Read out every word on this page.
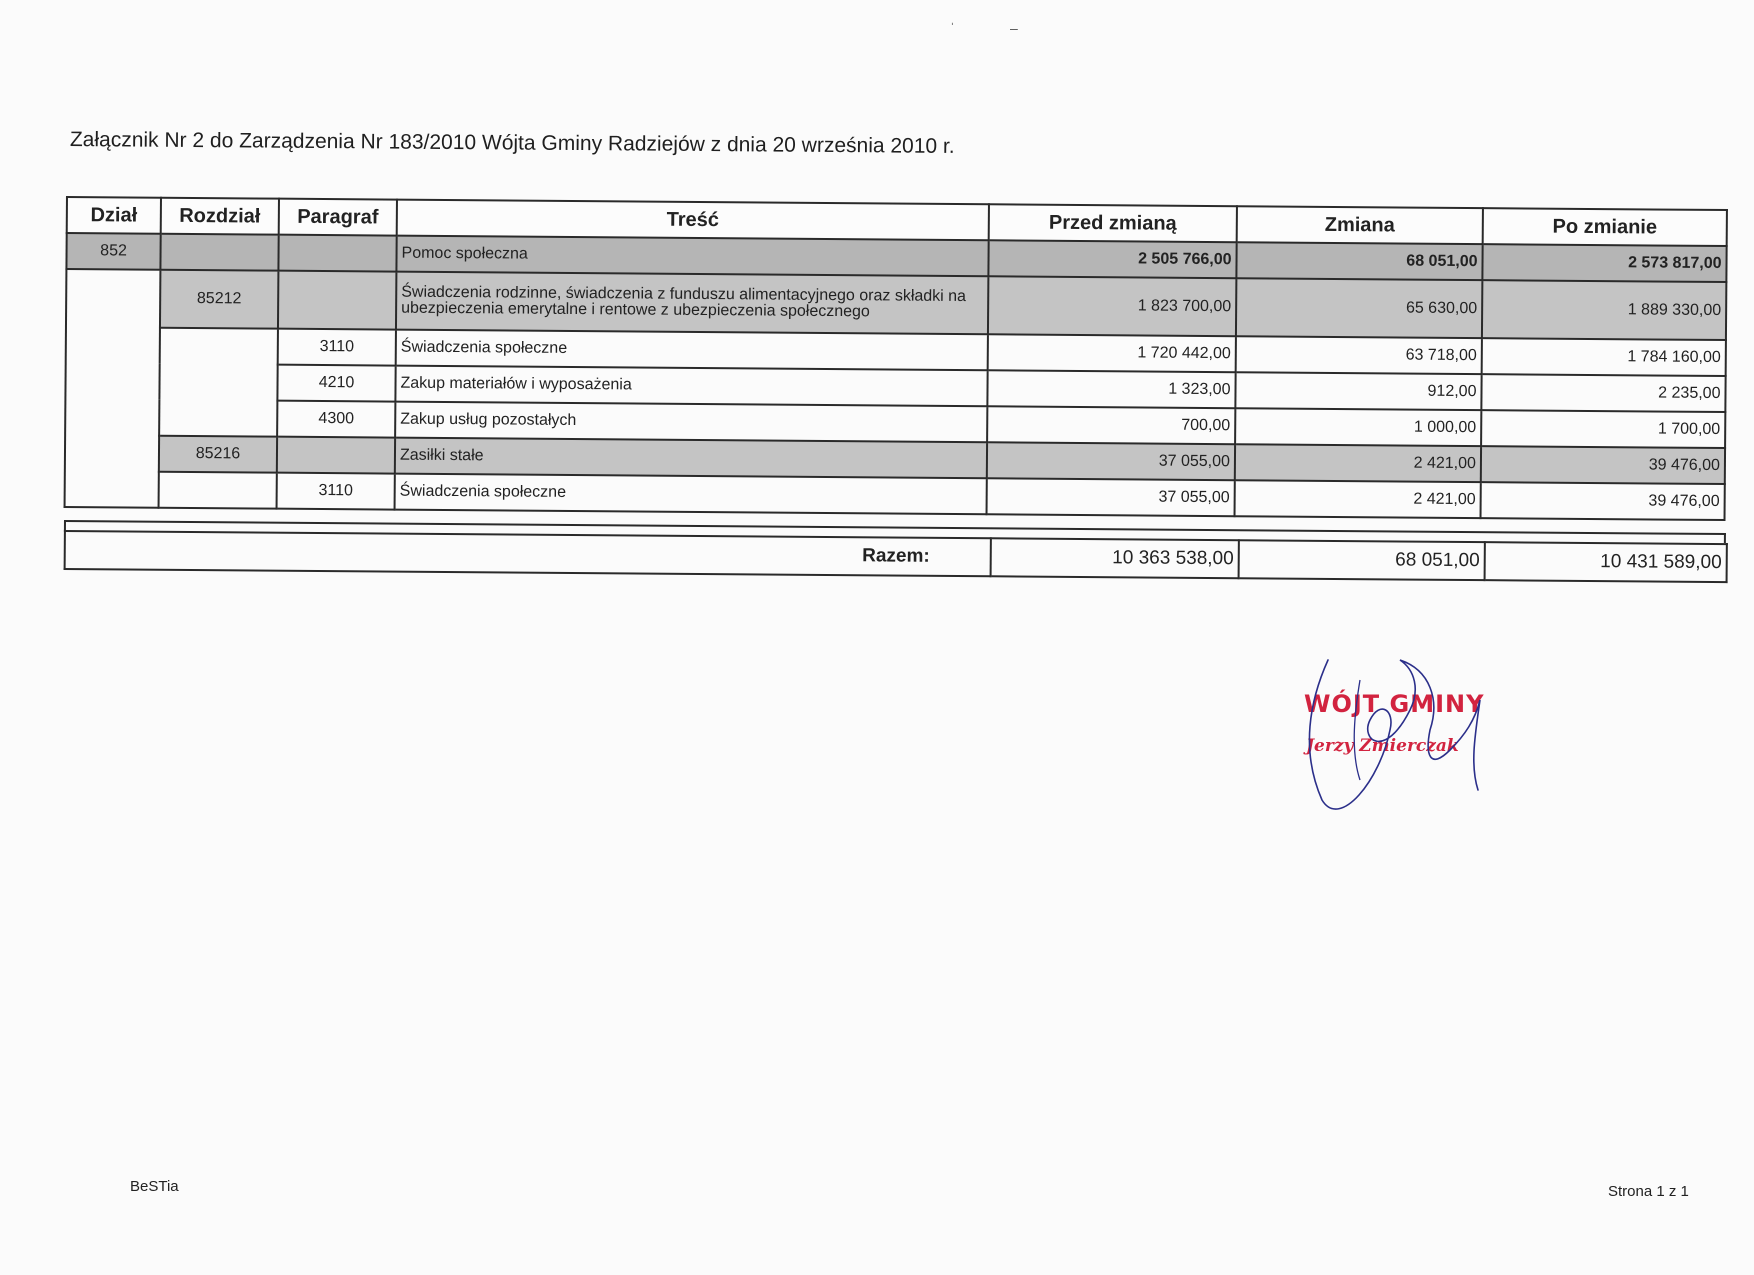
ˈ	–
Załącznik Nr 2 do Zarządzenia Nr 183/2010 Wójta Gminy Radziejów z dnia 20 września 2010 r.
Dział	Rozdział	Paragraf	Treść	Przed zmianą	Zmiana	Po zmianie
852			Pomoc społeczna	2 505 766,00	68 051,00	2 573 817,00
	85212		Świadczenia rodzinne, świadczenia z funduszu alimentacyjnego oraz składki na ubezpieczenia emerytalne i rentowe z ubezpieczenia społecznego	1 823 700,00	65 630,00	1 889 330,00
		3110	Świadczenia społeczne	1 720 442,00	63 718,00	1 784 160,00
		4210	Zakup materiałów i wyposażenia	1 323,00	912,00	2 235,00
		4300	Zakup usług pozostałych	700,00	1 000,00	1 700,00
	85216		Zasiłki stałe	37 055,00	2 421,00	39 476,00
		3110	Świadczenia społeczne	37 055,00	2 421,00	39 476,00
Razem:	10 363 538,00	68 051,00	10 431 589,00
WÓJT GMINY
Jerzy Zmierczak
BeSTia	Strona 1 z 1
